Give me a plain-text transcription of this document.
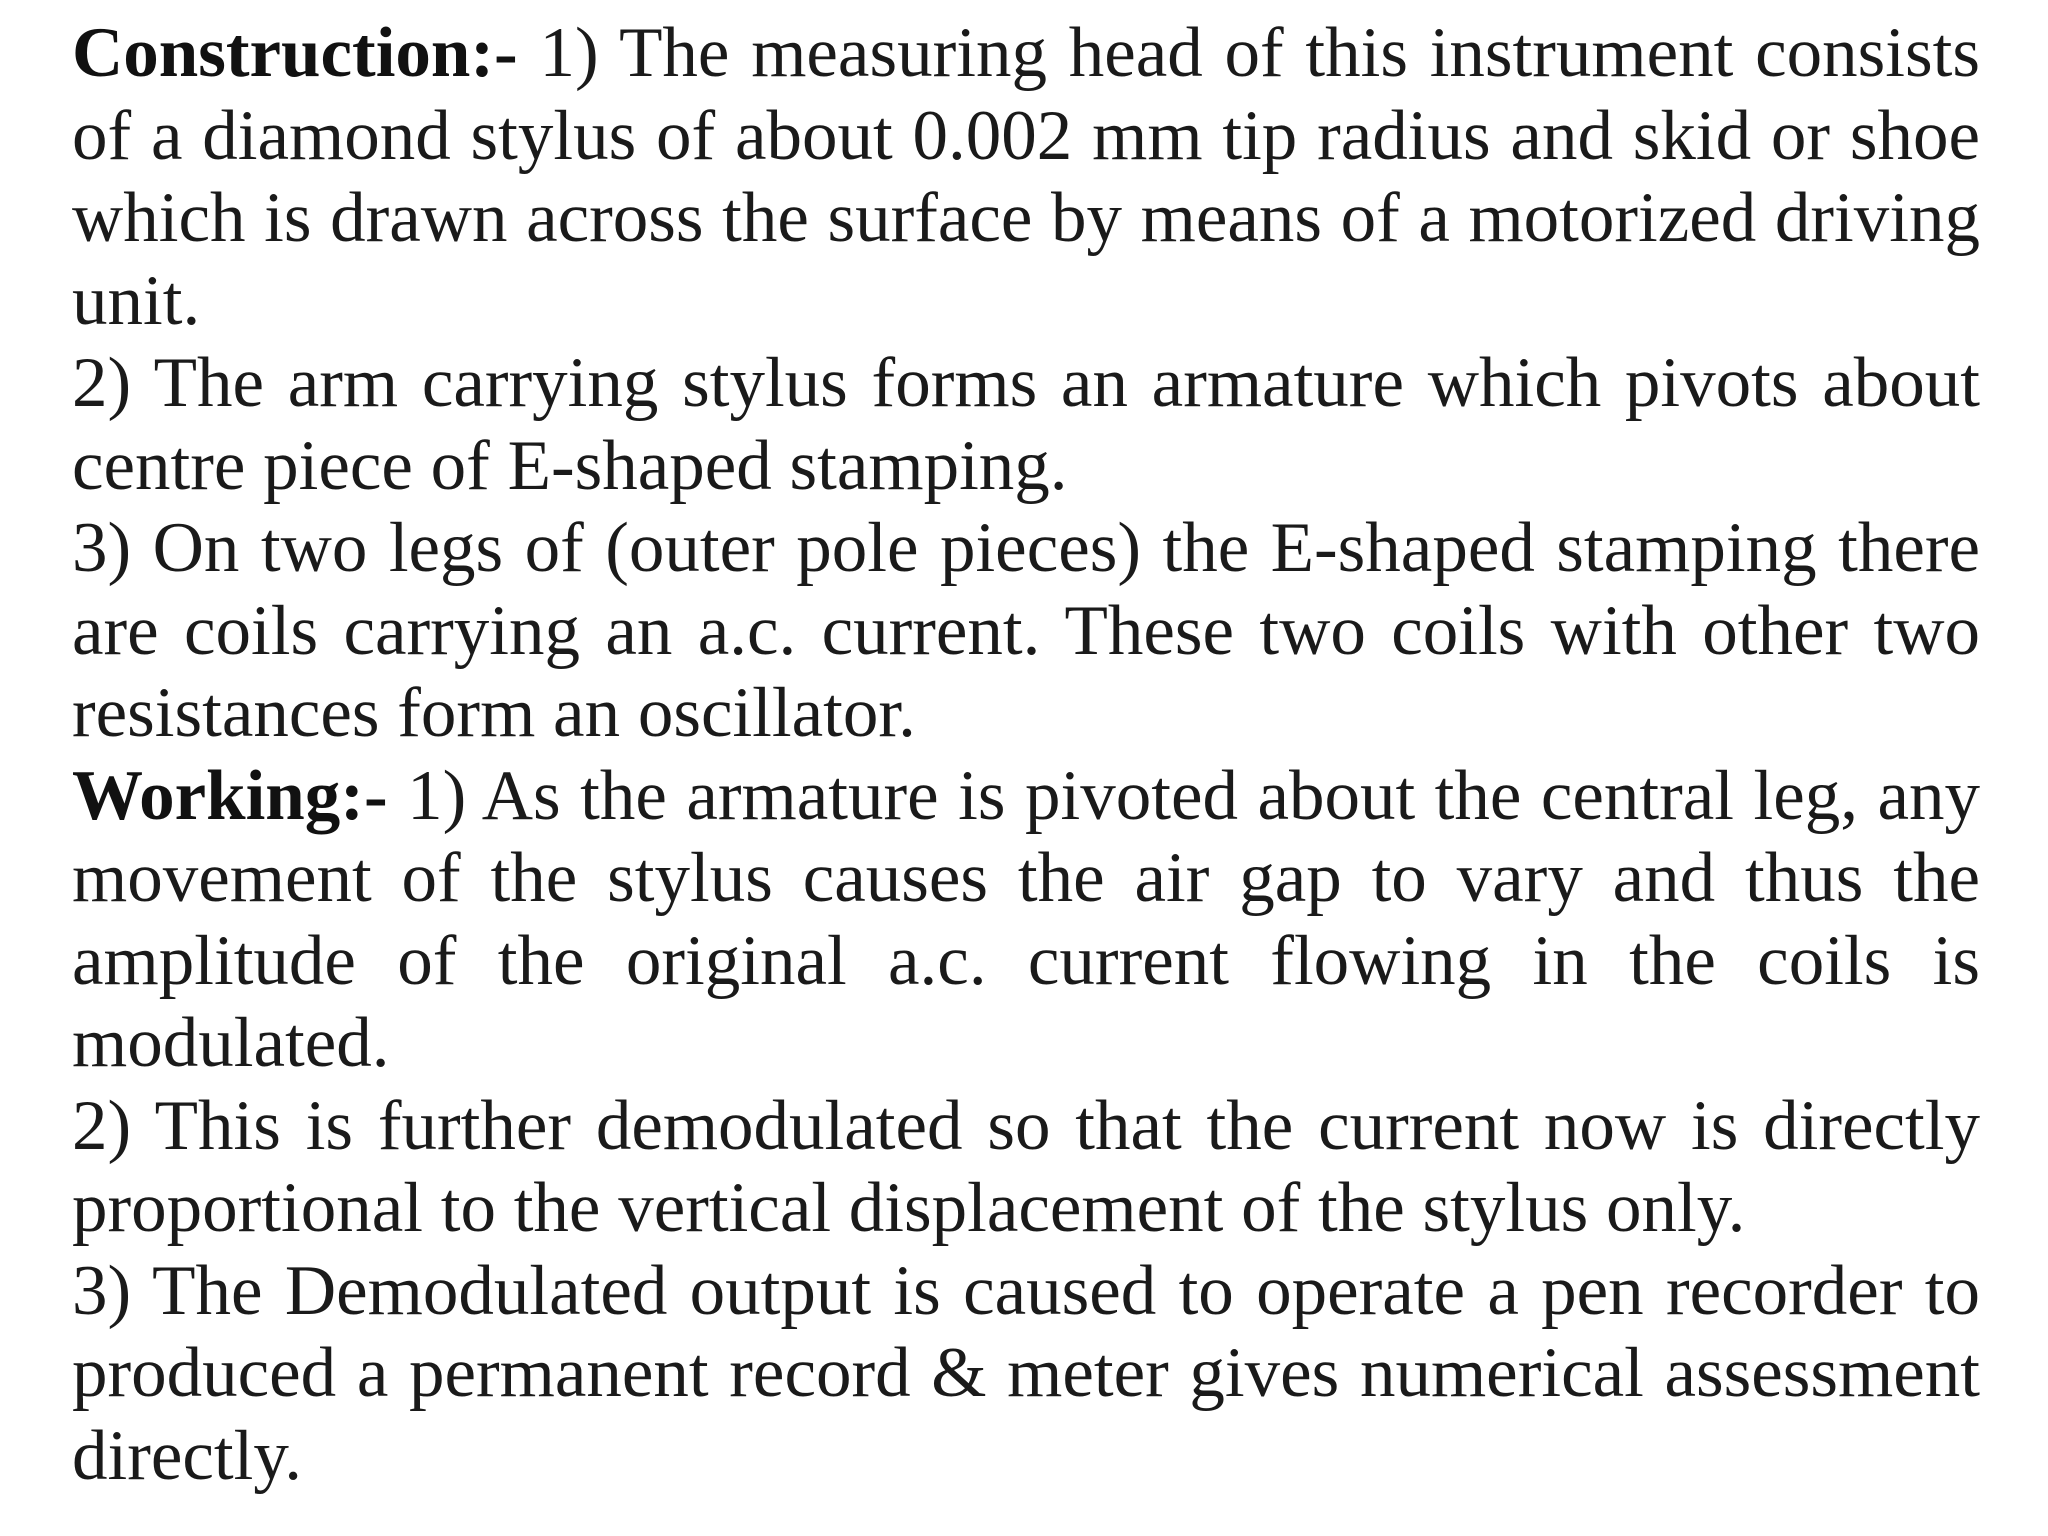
Construction:- 1) The measuring head of this instrument consists of a diamond stylus of about 0.002 mm tip radius and skid or shoe which is drawn across the surface by means of a motorized driving unit.

2) The arm carrying stylus forms an armature which pivots about centre piece of E-shaped stamping.

3) On two legs of (outer pole pieces) the E-shaped stamping there are coils carrying an a.c. current. These two coils with other two resistances form an oscillator.

Working:- 1) As the armature is pivoted about the central leg, any movement of the stylus causes the air gap to vary and thus the amplitude of the original a.c. current flowing in the coils is modulated.

2) This is further demodulated so that the current now is directly proportional to the vertical displacement of the stylus only.

3) The Demodulated output is caused to operate a pen recorder to produced a permanent record & meter gives numerical assessment directly.
